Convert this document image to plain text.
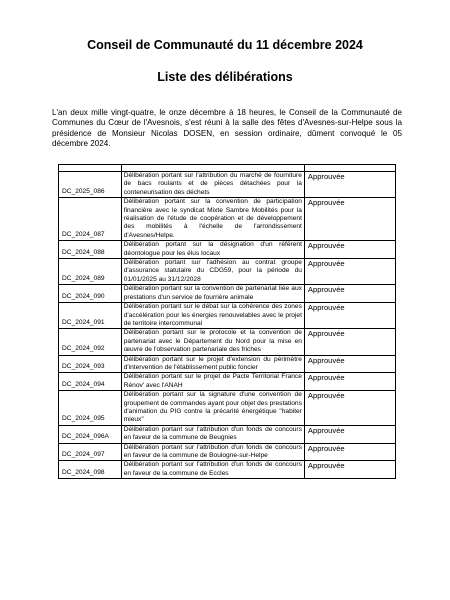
Conseil de Communauté du 11 décembre 2024
Liste des délibérations
L'an deux mille vingt-quatre, le onze décembre à 18 heures, le Conseil de la Communauté de Communes du Cœur de l'Avesnois, s'est réuni à la salle des fêtes d'Avesnes-sur-Helpe sous la présidence de Monsieur Nicolas DOSEN, en session ordinaire, dûment convoqué le 05 décembre 2024.

DC_2025_086	Délibération portant sur l'attribution du marché de fourniture de bacs roulants et de pièces détachées pour la conteneurisation des déchets	Approuvée
DC_2024_087	Délibération portant sur la convention de participation financière avec le syndicat Mixte Sambre Mobilités pour la réalisation de l'étude de coopération et de développement des mobilités à l'échelle de l'arrondissement d'Avesnes/Helpe.	Approuvée
DC_2024_088	Délibération portant sur la désignation d'un référent déontologue pour les élus locaux	Approuvée
DC_2024_089	Délibération portant sur l'adhésion au contrat groupe d'assurance statutaire du CDG59, pour la période du 01/01/2025 au 31/12/2028	Approuvée
DC_2024_090	Délibération portant sur la convention de partenariat liée aux prestations d'un service de fourrière animale	Approuvée
DC_2024_091	Délibération portant sur le débat sur la cohérence des zones d'accélération pour les énergies renouvelables avec le projet de territoire intercommunal	Approuvée
DC_2024_092	Délibération portant sur le protocole et la convention de partenariat avec le Département du Nord pour la mise en œuvre de l'observation partenariale des friches	Approuvée
DC_2024_093	Délibération portant sur le projet d'extension du périmètre d'intervention de l'établissement public foncier	Approuvée
DC_2024_094	Délibération portant sur le projet de Pacte Territorial France Rénov' avec l'ANAH	Approuvée
DC_2024_095	Délibération portant sur la signature d'une convention de groupement de commandes ayant pour objet des prestations d'animation du PIG contre la précarité énergétique "habiter mieux"	Approuvée
DC_2024_096A	Délibération portant sur l'attribution d'un fonds de concours en faveur de la commune de Beugnies	Approuvée
DC_2024_097	Délibération portant sur l'attribution d'un fonds de concours en faveur de la commune de Boulogne-sur-Helpe	Approuvée
DC_2024_098	Délibération portant sur l'attribution d'un fonds de concours en faveur de la commune de Eccles	Approuvée
